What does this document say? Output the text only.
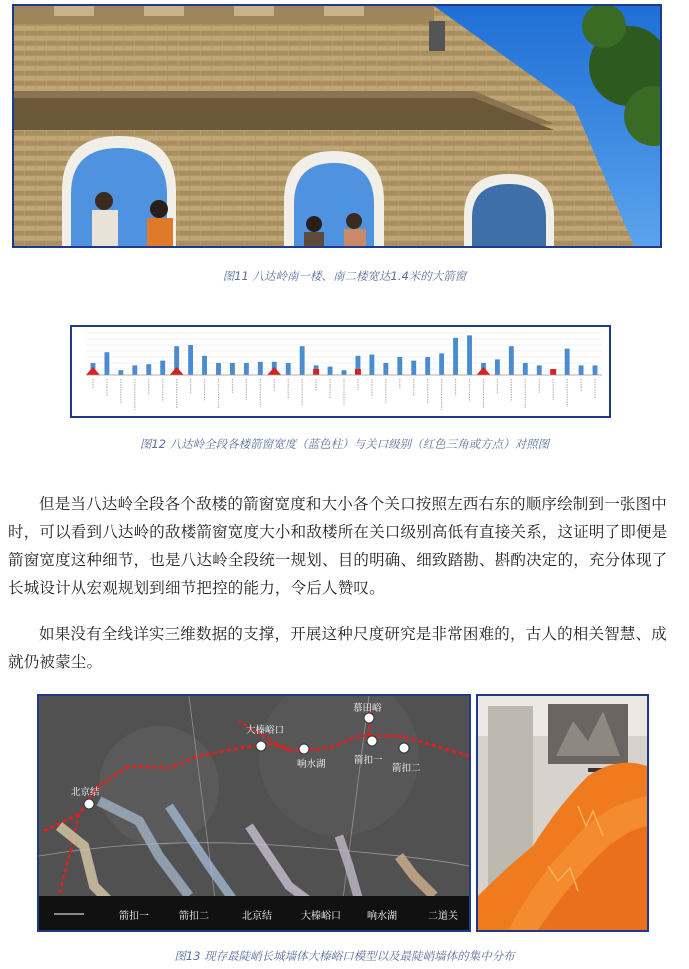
图11 八达岭南一楼、南二楼宽达1.4米的大箭窗
图12 八达岭全段各楼箭窗宽度（蓝色柱）与关口级别（红色三角或方点）对照图
但是当八达岭全段各个敌楼的箭窗宽度和大小各个关口按照左西右东的顺序绘制到一张图中时，可以看到八达岭的敌楼箭窗宽度大小和敌楼所在关口级别高低有直接关系，这证明了即便是箭窗宽度这种细节，也是八达岭全段统一规划、目的明确、细致踏勘、斟酌决定的，充分体现了长城设计从宏观规划到细节把控的能力，令后人赞叹。
如果没有全线详实三维数据的支撑，开展这种尺度研究是非常困难的，古人的相关智慧、成就仍被蒙尘。
大榛峪口
响水湖	箭扣一
箭扣二
北京结
慕田峪
箭扣一	箭扣二	北京结	大榛峪口	响水湖	二道关
图13 现存最陡峭长城墙体大榛峪口模型以及最陡峭墙体的集中分布
